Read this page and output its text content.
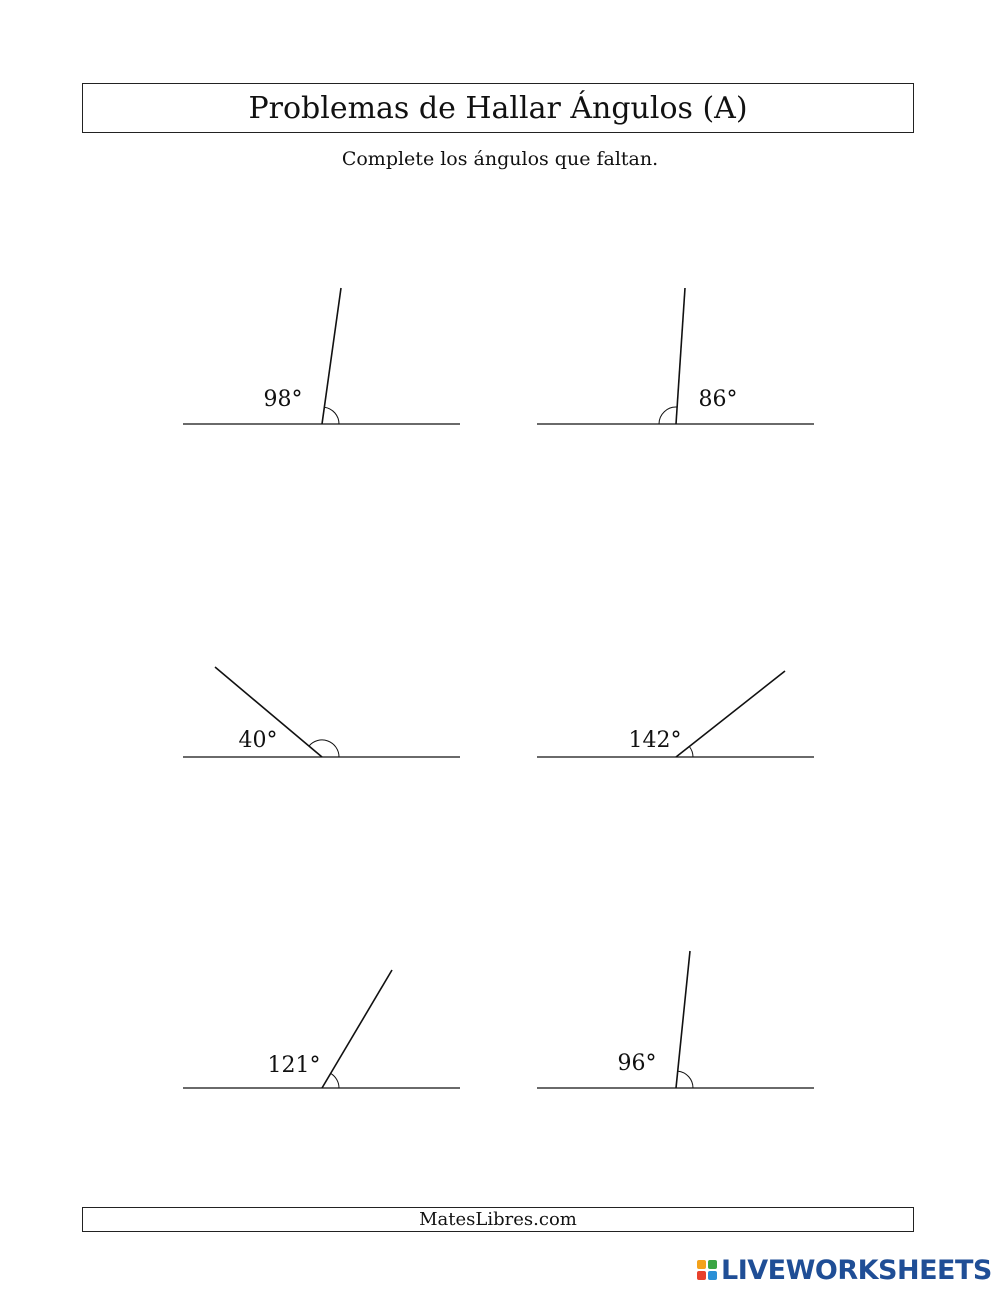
Problemas de Hallar Ángulos (A)
Complete los ángulos que faltan.
98°	86°
40°	142°
121°	96°
MatesLibres.com
LIVEWORKSHEETS
